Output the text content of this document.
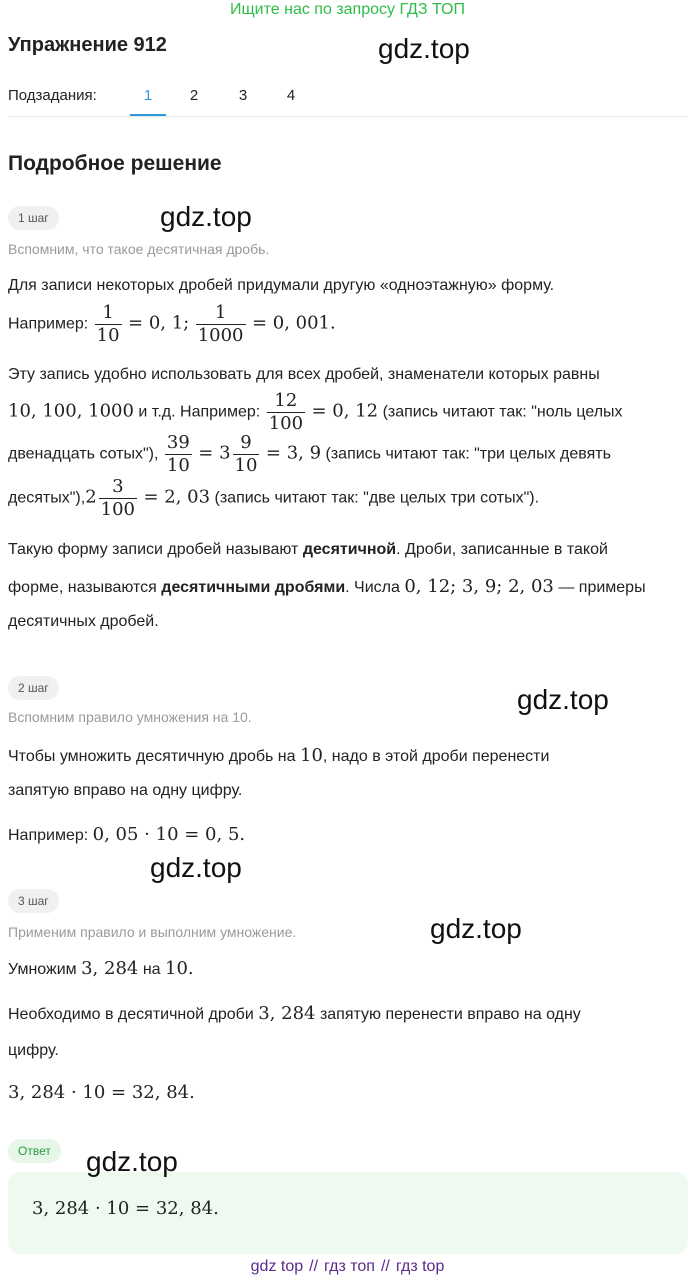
Ищите нас по запросу ГДЗ ТОП
Упражнение 912	gdz.top
Подзадания:	1	2	3	4
Подробное решение
1 шаг	gdz.top
Вспомним, что такое десятичная дробь.
Для записи некоторых дробей придумали другую «одноэтажную» форму.
Например: $\frac{1}{10} = 0$, 1; $\frac{1}{1000} = 0$, 001.
Эту запись удобно использовать для всех дробей, знаменатели которых равны
10, 100, 1000 и т.д. Например: $\frac{12}{100} = 0$, 12 (запись читают так: "ноль целых
двенадцать сотых"), $\frac{39}{10} = 3 \frac{9}{10} = 3$, 9 (запись читают так: "три целых девять
десятых"),2 $\frac{3}{100} = 2$, 03 (запись читают так: "две целых три сотых").
Такую форму записи дробей называют десятичной. Дроби, записанные в такой
форме, называются десятичными дробями. Числа 0, 12; 3, 9; 2, 03 — примеры
десятичных дробей.
2 шаг	gdz.top
Вспомним правило умножения на 10.
Чтобы умножить десятичную дробь на 10, надо в этой дроби перенести
запятую вправо на одну цифру.
Например: 0, 05 · 10 = 0, 5.
gdz.top
3 шаг
gdz.top
Применим правило и выполним умножение.
Умножим 3, 284 на 10.
Необходимо в десятичной дроби 3, 284 запятую перенести вправо на одну
цифру.
3, 284 · 10 = 32, 84.
Ответ	gdz.top
3, 284 · 10 = 32, 84.
gdz top // гдз топ // гдз top
